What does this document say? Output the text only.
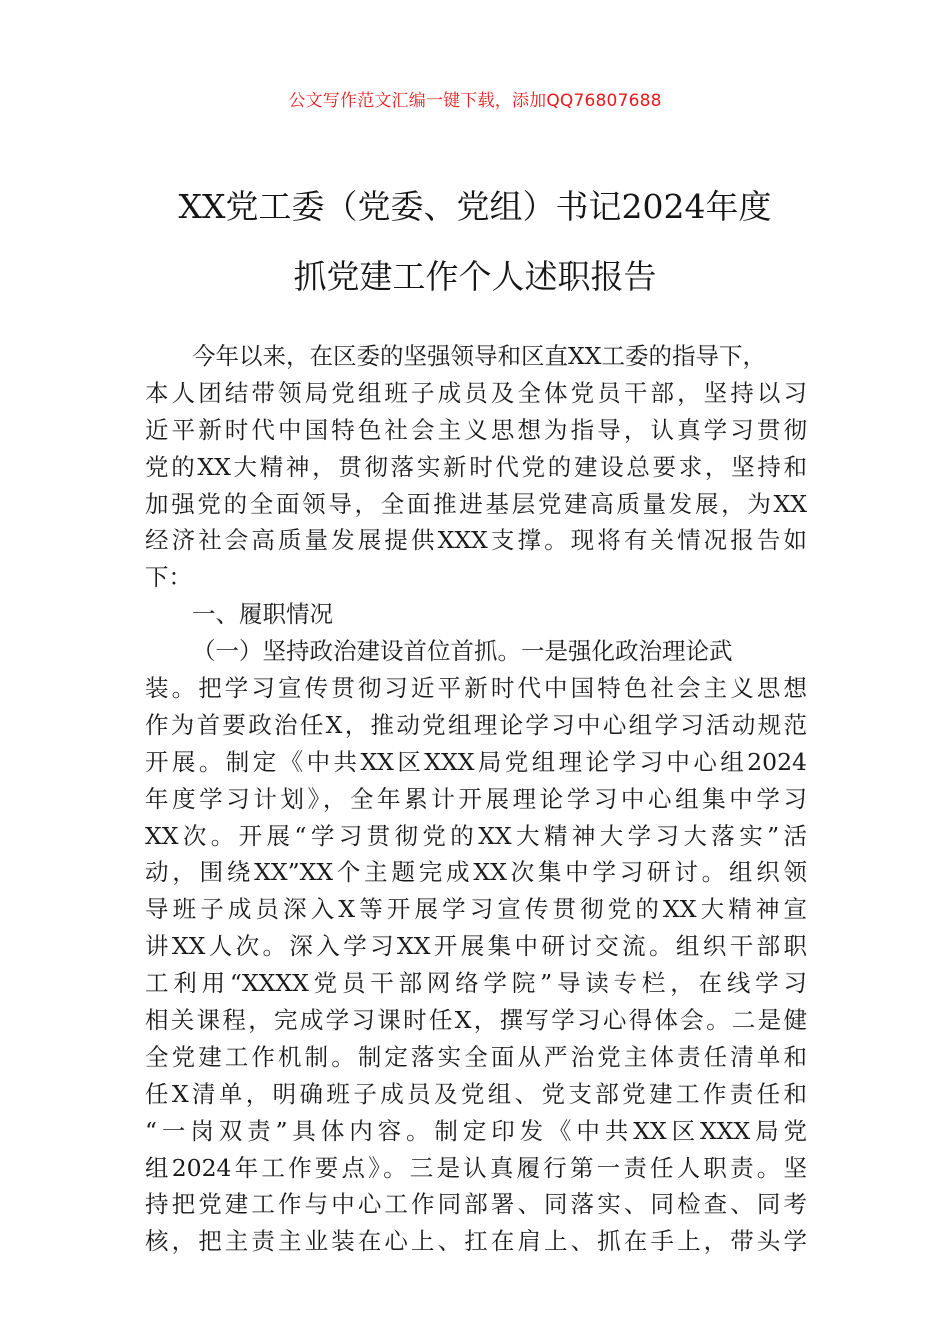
公文写作范文汇编一键下载，添加QQ76807688
XX党工委（党委、党组）书记2024年度
抓党建工作个人述职报告
今年以来，在区委的坚强领导和区直XX工委的指导下，
本人团结带领局党组班子成员及全体党员干部，坚持以习
近平新时代中国特色社会主义思想为指导，认真学习贯彻
党的XX大精神，贯彻落实新时代党的建设总要求，坚持和
加强党的全面领导，全面推进基层党建高质量发展，为XX
经济社会高质量发展提供XXX支撑。现将有关情况报告如
下：
一、履职情况
（一）坚持政治建设首位首抓。一是强化政治理论武
装。把学习宣传贯彻习近平新时代中国特色社会主义思想
作为首要政治任X，推动党组理论学习中心组学习活动规范
开展。制定《中共XX区XXX局党组理论学习中心组2024
年度学习计划》，全年累计开展理论学习中心组集中学习
XX次。开展“学习贯彻党的XX大精神大学习大落实”活
动，围绕XX”XX个主题完成XX次集中学习研讨。组织领
导班子成员深入X等开展学习宣传贯彻党的XX大精神宣
讲XX人次。深入学习XX开展集中研讨交流。组织干部职
工利用“XXXX党员干部网络学院”导读专栏，在线学习
相关课程，完成学习课时任X，撰写学习心得体会。二是健
全党建工作机制。制定落实全面从严治党主体责任清单和
任X清单，明确班子成员及党组、党支部党建工作责任和
“一岗双责”具体内容。制定印发《中共XX区XXX局党
组2024年工作要点》。三是认真履行第一责任人职责。坚
持把党建工作与中心工作同部署、同落实、同检查、同考
核，把主责主业装在心上、扛在肩上、抓在手上，带头学
